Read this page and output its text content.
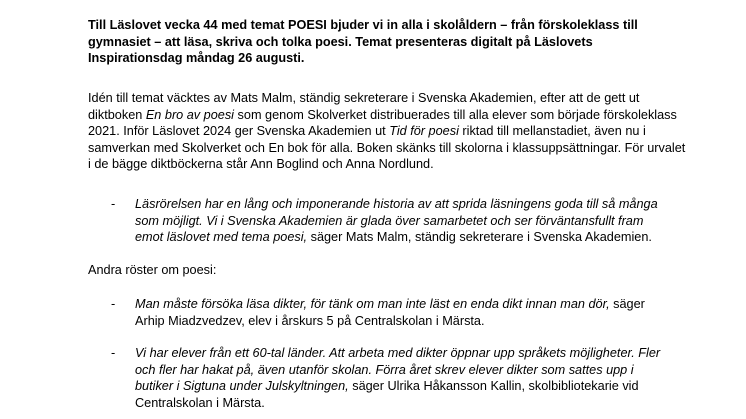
Till Läslovet vecka 44 med temat POESI bjuder vi in alla i skolåldern – från förskoleklass till gymnasiet – att läsa, skriva och tolka poesi. Temat presenteras digitalt på Läslovets Inspirationsdag måndag 26 augusti.

Idén till temat väcktes av Mats Malm, ständig sekreterare i Svenska Akademien, efter att de gett ut diktboken En bro av poesi som genom Skolverket distribuerades till alla elever som började förskoleklass 2021. Inför Läslovet 2024 ger Svenska Akademien ut Tid för poesi riktad till mellanstadiet, även nu i samverkan med Skolverket och En bok för alla. Boken skänks till skolorna i klassuppsättningar. För urvalet i de bägge diktböckerna står Ann Boglind och Anna Nordlund.

- Läsrörelsen har en lång och imponerande historia av att sprida läsningens goda till så många som möjligt. Vi i Svenska Akademien är glada över samarbetet och ser förväntansfullt fram emot läslovet med tema poesi, säger Mats Malm, ständig sekreterare i Svenska Akademien.

Andra röster om poesi:

- Man måste försöka läsa dikter, för tänk om man inte läst en enda dikt innan man dör, säger Arhip Miadzvedzev, elev i årskurs 5 på Centralskolan i Märsta.

- Vi har elever från ett 60-tal länder. Att arbeta med dikter öppnar upp språkets möjligheter. Fler och fler har hakat på, även utanför skolan. Förra året skrev elever dikter som sattes upp i butiker i Sigtuna under Julskyltningen, säger Ulrika Håkansson Kallin, skolbibliotekarie vid Centralskolan i Märsta.
